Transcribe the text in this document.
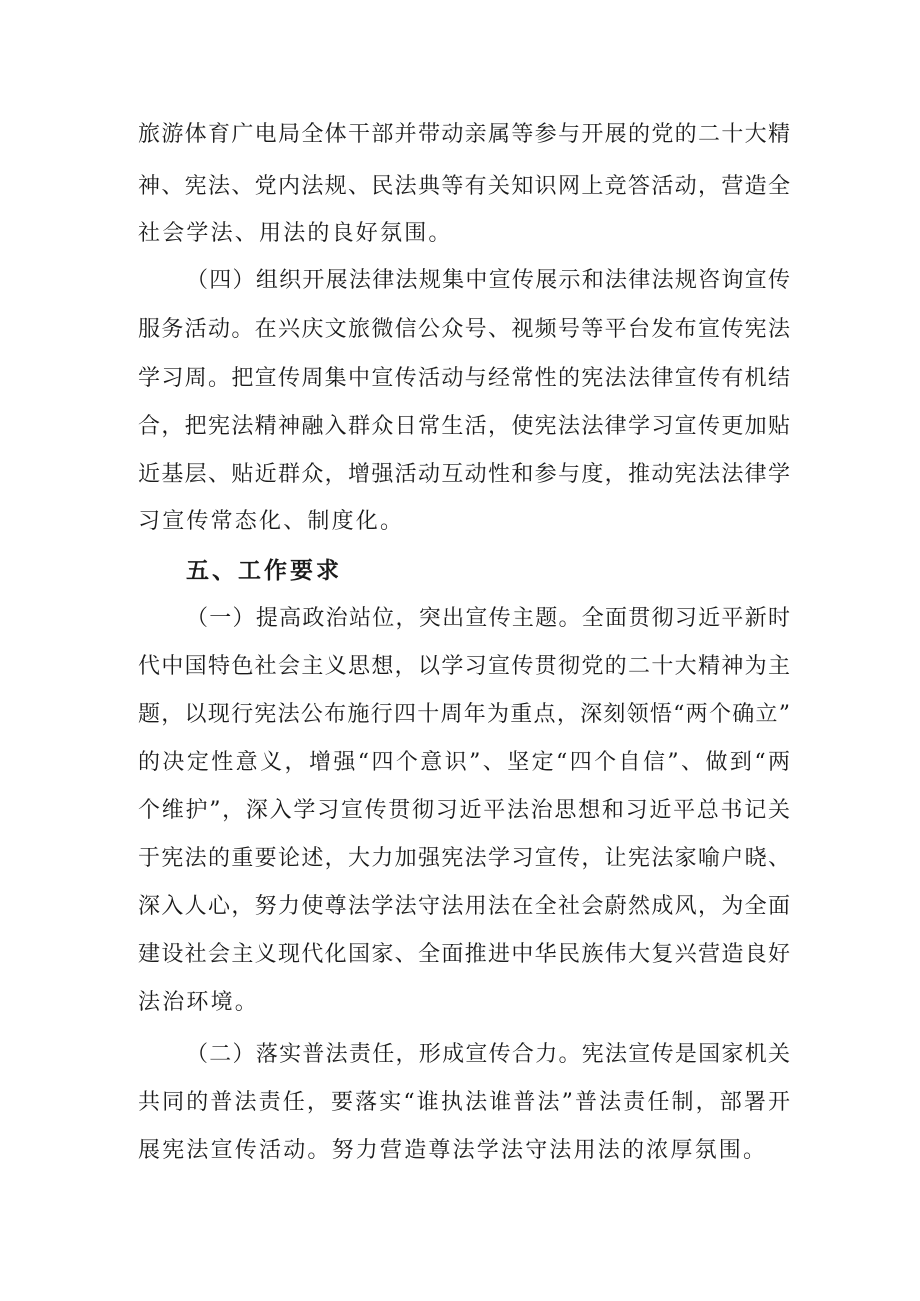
旅游体育广电局全体干部并带动亲属等参与开展的党的二十大精
神、宪法、党内法规、民法典等有关知识网上竞答活动，营造全
社会学法、用法的良好氛围。
（四）组织开展法律法规集中宣传展示和法律法规咨询宣传
服务活动。在兴庆文旅微信公众号、视频号等平台发布宣传宪法
学习周。把宣传周集中宣传活动与经常性的宪法法律宣传有机结
合，把宪法精神融入群众日常生活，使宪法法律学习宣传更加贴
近基层、贴近群众，增强活动互动性和参与度，推动宪法法律学
习宣传常态化、制度化。
五、工作要求
（一）提高政治站位，突出宣传主题。全面贯彻习近平新时
代中国特色社会主义思想，以学习宣传贯彻党的二十大精神为主
题，以现行宪法公布施行四十周年为重点，深刻领悟“两个确立”
的决定性意义，增强“四个意识”、坚定“四个自信”、做到“两
个维护”，深入学习宣传贯彻习近平法治思想和习近平总书记关
于宪法的重要论述，大力加强宪法学习宣传，让宪法家喻户晓、
深入人心，努力使尊法学法守法用法在全社会蔚然成风，为全面
建设社会主义现代化国家、全面推进中华民族伟大复兴营造良好
法治环境。
（二）落实普法责任，形成宣传合力。宪法宣传是国家机关
共同的普法责任，要落实“谁执法谁普法”普法责任制，部署开
展宪法宣传活动。努力营造尊法学法守法用法的浓厚氛围。
